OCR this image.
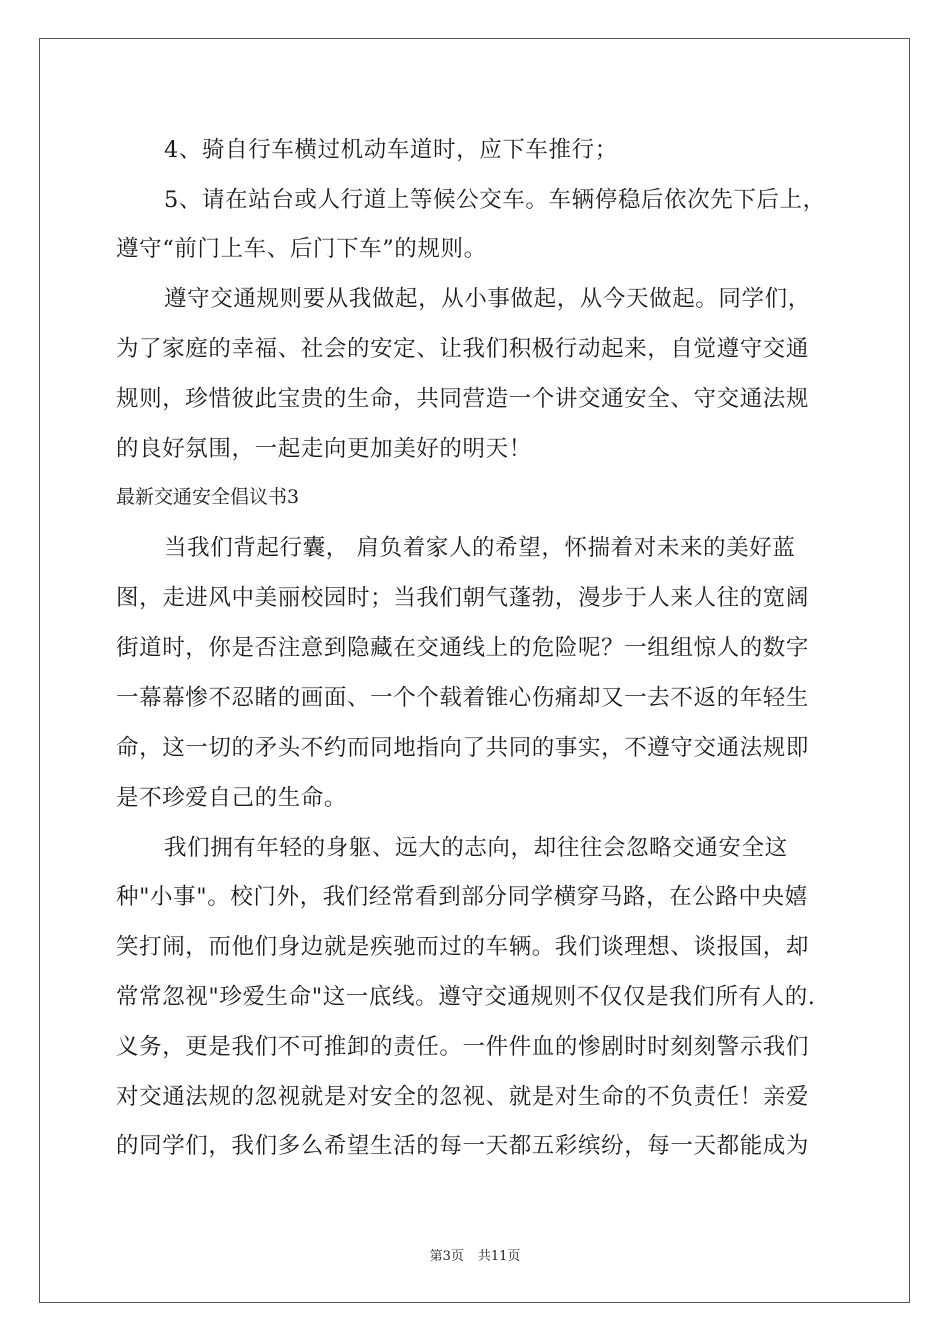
4、骑自行车横过机动车道时，应下车推行；
5、请在站台或人行道上等候公交车。车辆停稳后依次先下后上，
遵守“前门上车、后门下车”的规则。
遵守交通规则要从我做起，从小事做起，从今天做起。同学们，
为了家庭的幸福、社会的安定、让我们积极行动起来，自觉遵守交通
规则，珍惜彼此宝贵的生命，共同营造一个讲交通安全、守交通法规
的良好氛围，一起走向更加美好的明天！
最新交通安全倡议书3
当我们背起行囊， 肩负着家人的希望，怀揣着对未来的美好蓝
图，走进风中美丽校园时；当我们朝气蓬勃，漫步于人来人往的宽阔
街道时，你是否注意到隐藏在交通线上的危险呢？一组组惊人的数字
一幕幕惨不忍睹的画面、一个个载着锥心伤痛却又一去不返的年轻生
命，这一切的矛头不约而同地指向了共同的事实，不遵守交通法规即
是不珍爱自己的生命。
我们拥有年轻的身躯、远大的志向，却往往会忽略交通安全这
种"小事"。校门外，我们经常看到部分同学横穿马路，在公路中央嬉
笑打闹，而他们身边就是疾驰而过的车辆。我们谈理想、谈报国，却
常常忽视"珍爱生命"这一底线。遵守交通规则不仅仅是我们所有人的.
义务，更是我们不可推卸的责任。一件件血的惨剧时时刻刻警示我们
对交通法规的忽视就是对安全的忽视、就是对生命的不负责任！亲爱
的同学们，我们多么希望生活的每一天都五彩缤纷，每一天都能成为
第3页 共11页
